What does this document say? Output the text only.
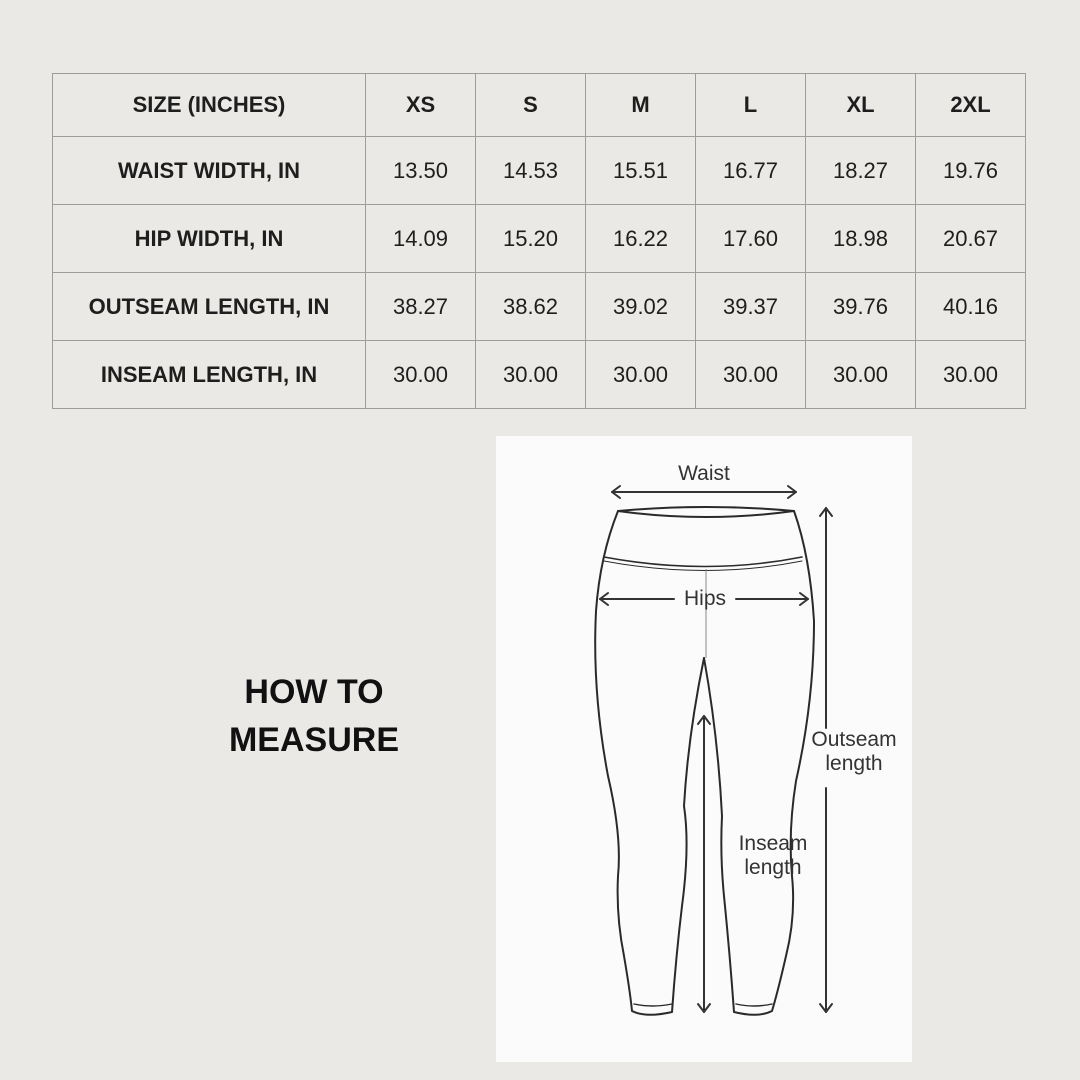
SIZE (INCHES)	XS	S	M	L	XL	2XL
WAIST WIDTH, IN	13.50	14.53	15.51	16.77	18.27	19.76
HIP WIDTH, IN	14.09	15.20	16.22	17.60	18.98	20.67
OUTSEAM LENGTH, IN	38.27	38.62	39.02	39.37	39.76	40.16
INSEAM LENGTH, IN	30.00	30.00	30.00	30.00	30.00	30.00
HOW TO
MEASURE
Waist
Hips
Outseam
length
Inseam
length
